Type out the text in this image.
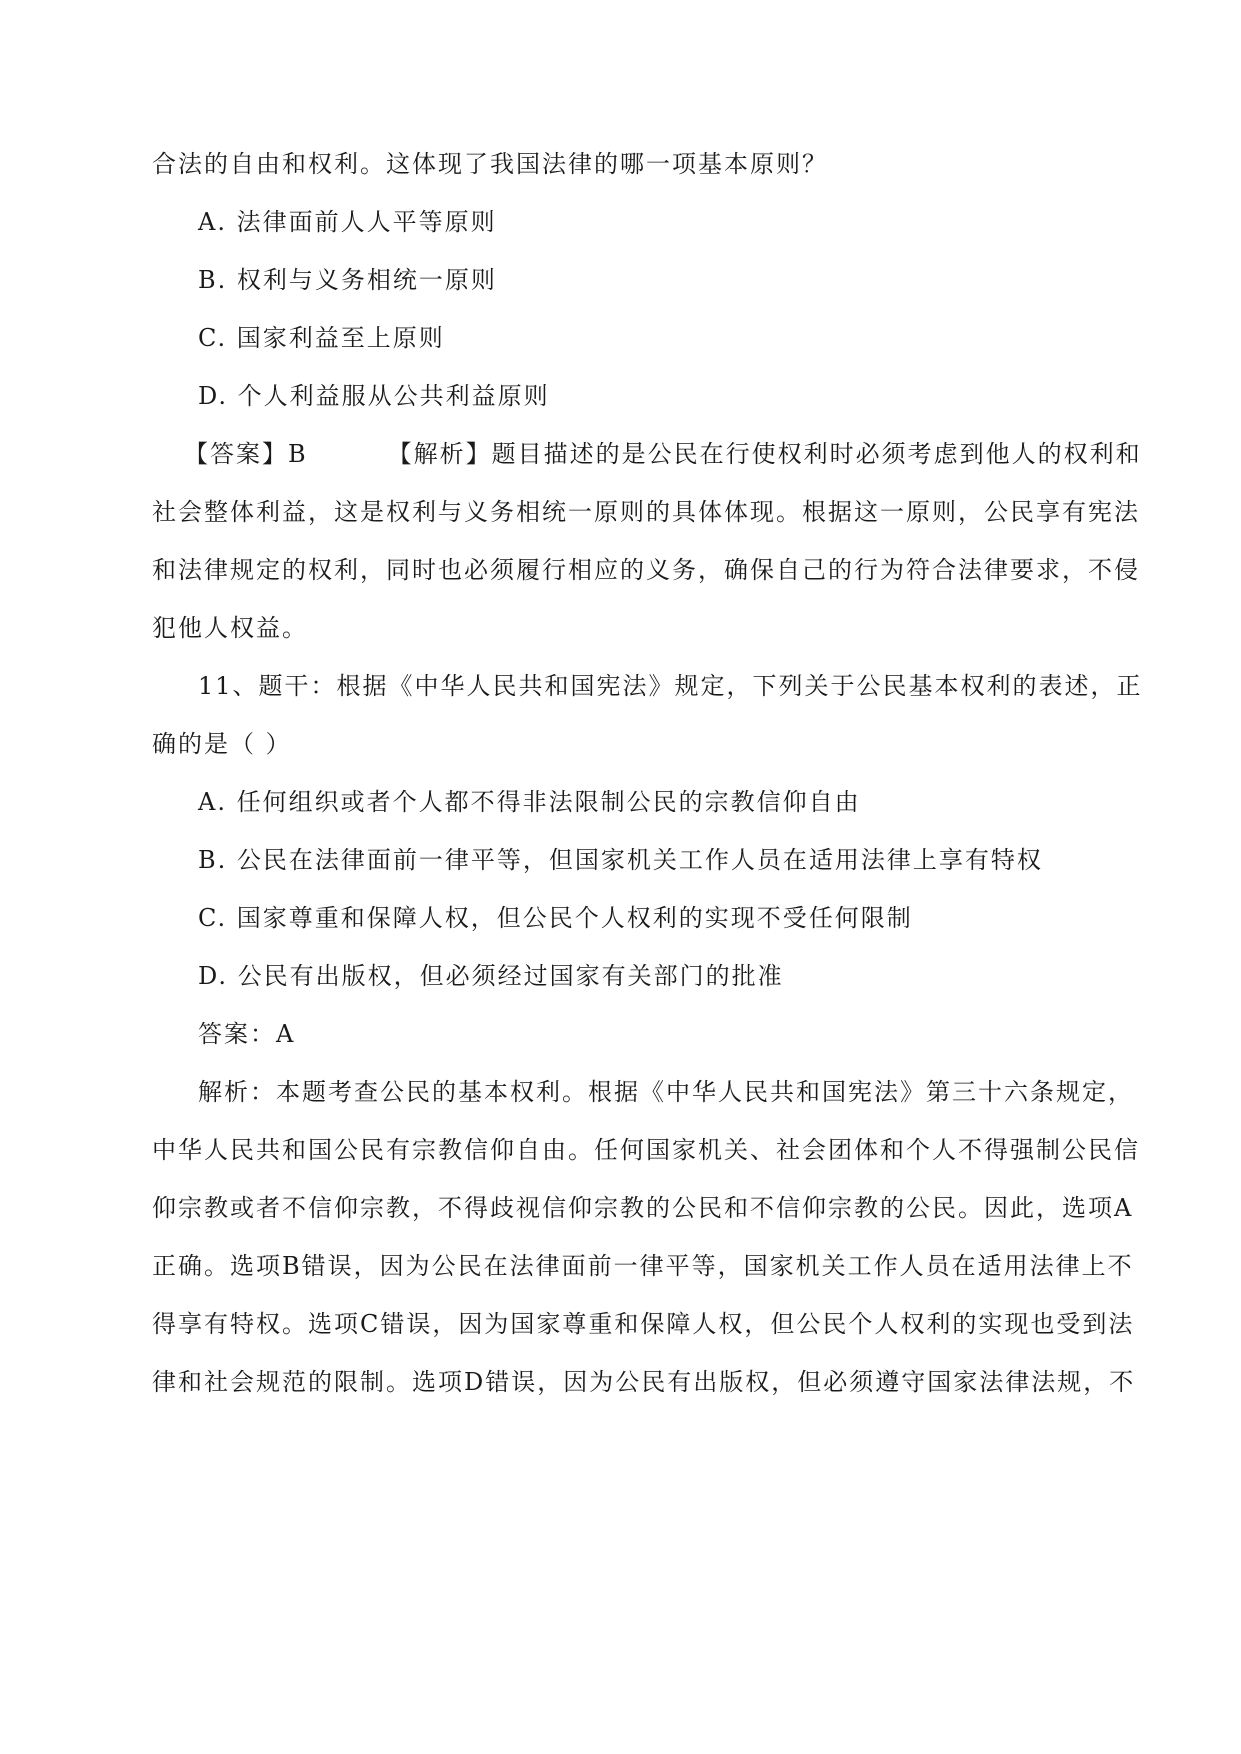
合法的自由和权利。这体现了我国法律的哪一项基本原则？

A. 法律面前人人平等原则

B. 权利与义务相统一原则

C. 国家利益至上原则

D. 个人利益服从公共利益原则

【答案】B	【解析】题目描述的是公民在行使权利时必须考虑到他人的权利和

社会整体利益，这是权利与义务相统一原则的具体体现。根据这一原则，公民享有宪法

和法律规定的权利，同时也必须履行相应的义务，确保自己的行为符合法律要求，不侵

犯他人权益。

11、题干：根据《中华人民共和国宪法》规定，下列关于公民基本权利的表述，正

确的是（ ）

A. 任何组织或者个人都不得非法限制公民的宗教信仰自由

B. 公民在法律面前一律平等，但国家机关工作人员在适用法律上享有特权

C. 国家尊重和保障人权，但公民个人权利的实现不受任何限制

D. 公民有出版权，但必须经过国家有关部门的批准

答案：A

解析：本题考查公民的基本权利。根据《中华人民共和国宪法》第三十六条规定，

中华人民共和国公民有宗教信仰自由。任何国家机关、社会团体和个人不得强制公民信

仰宗教或者不信仰宗教，不得歧视信仰宗教的公民和不信仰宗教的公民。因此，选项A

正确。选项B错误，因为公民在法律面前一律平等，国家机关工作人员在适用法律上不

得享有特权。选项C错误，因为国家尊重和保障人权，但公民个人权利的实现也受到法

律和社会规范的限制。选项D错误，因为公民有出版权，但必须遵守国家法律法规，不
